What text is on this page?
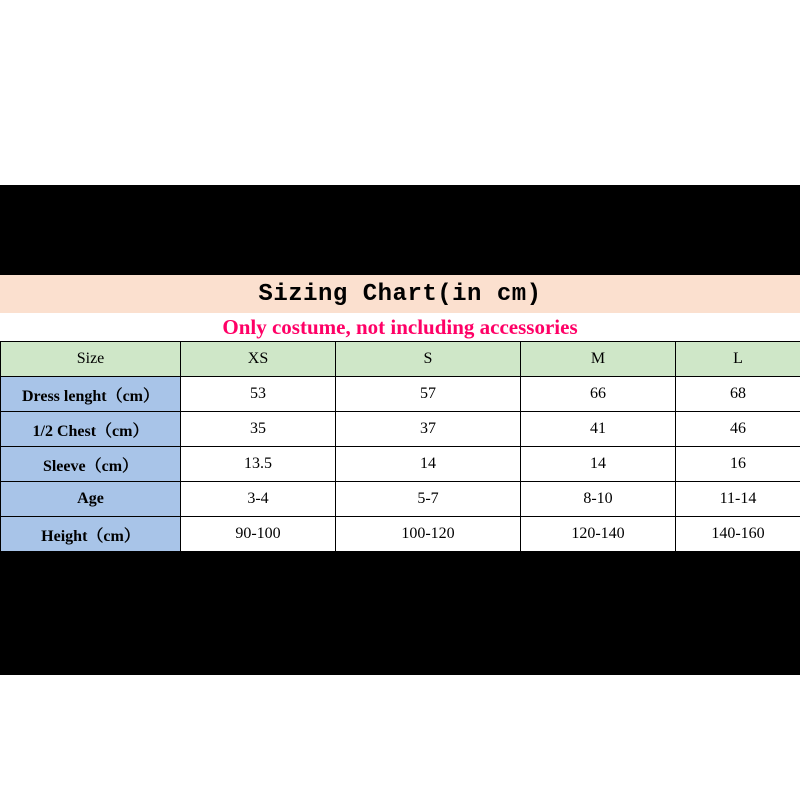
Sizing Chart(in cm)
Only costume, not including accessories
Size	XS	S	M	L
Dress lenght（cm）	53	57	66	68
1/2 Chest（cm）	35	37	41	46
Sleeve（cm）	13.5	14	14	16
Age	3-4	5-7	8-10	11-14
Height（cm）	90-100	100-120	120-140	140-160
